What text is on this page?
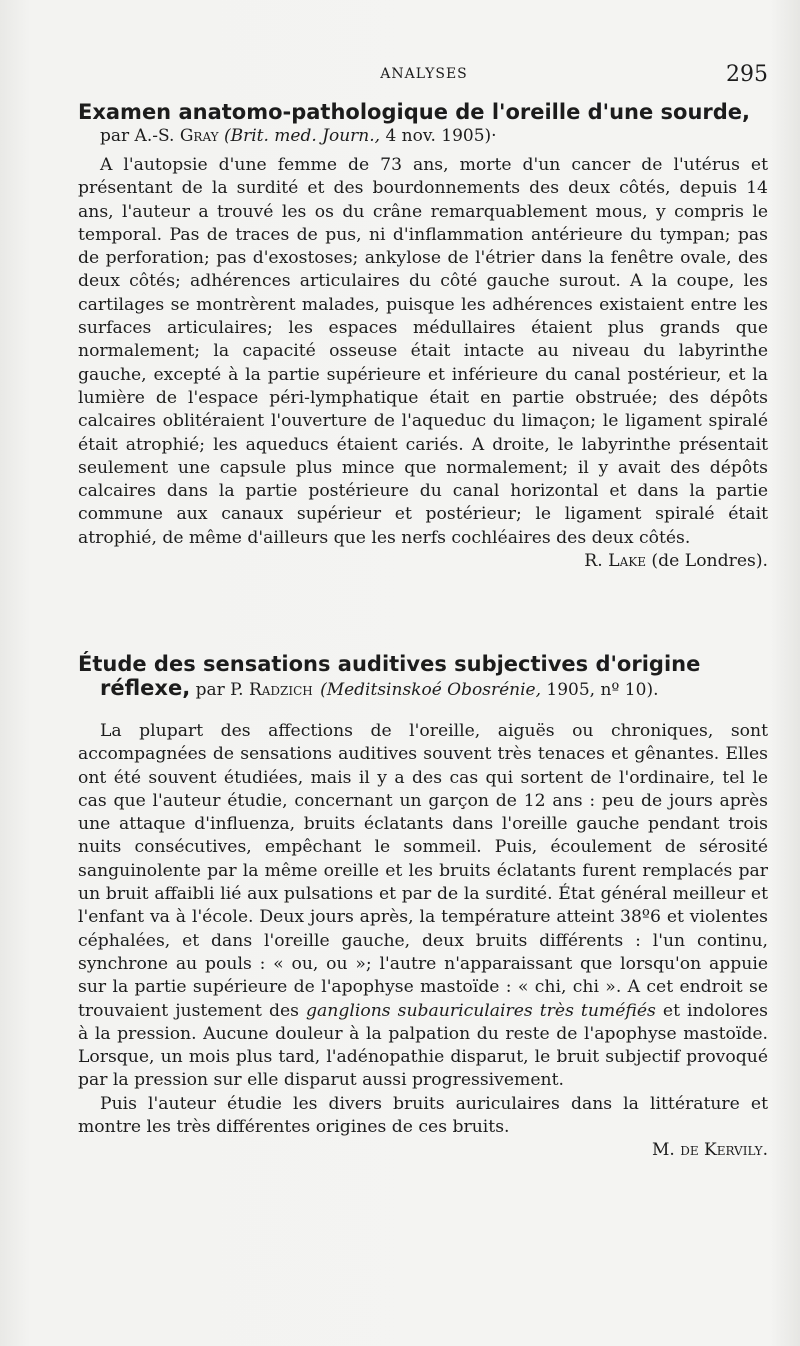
ANALYSES	295
Examen anatomo-pathologique de l'oreille d'une sourde,

par A.-S. Gray (Brit. med. Journ., 4 nov. 1905)·

A l'autopsie d'une femme de 73 ans, morte d'un cancer de l'utérus et présentant de la surdité et des bourdonnements des deux côtés, depuis 14 ans, l'auteur a trouvé les os du crâne remarquablement mous, y compris le temporal. Pas de traces de pus, ni d'inflammation antérieure du tympan; pas de perforation; pas d'exostoses; ankylose de l'étrier dans la fenêtre ovale, des deux côtés; adhérences articulaires du côté gauche surout. A la coupe, les cartilages se montrèrent malades, puisque les adhérences existaient entre les surfaces articulaires; les espaces médullaires étaient plus grands que normalement; la capacité osseuse était intacte au niveau du labyrinthe gauche, excepté à la partie supérieure et inférieure du canal postérieur, et la lumière de l'espace péri-lymphatique était en partie obstruée; des dépôts calcaires oblitéraient l'ouverture de l'aqueduc du limaçon; le ligament spiralé était atrophié; les aqueducs étaient cariés. A droite, le labyrinthe présentait seulement une capsule plus mince que normalement; il y avait des dépôts calcaires dans la partie postérieure du canal horizontal et dans la partie commune aux canaux supérieur et postérieur; le ligament spiralé était atrophié, de même d'ailleurs que les nerfs cochléaires des deux côtés.
R. Lake (de Londres).

Étude des sensations auditives subjectives d'origine
réflexe, par P. Radzich (Meditsinskoé Obosrénie, 1905, nº 10).

La plupart des affections de l'oreille, aiguës ou chroniques, sont accompagnées de sensations auditives souvent très tenaces et gênantes. Elles ont été souvent étudiées, mais il y a des cas qui sortent de l'ordinaire, tel le cas que l'auteur étudie, concernant un garçon de 12 ans : peu de jours après une attaque d'influenza, bruits éclatants dans l'oreille gauche pendant trois nuits consécutives, empêchant le sommeil. Puis, écoulement de sérosité sanguinolente par la même oreille et les bruits éclatants furent remplacés par un bruit affaibli lié aux pulsations et par de la surdité. État général meilleur et l'enfant va à l'école. Deux jours après, la température atteint 38º6 et violentes céphalées, et dans l'oreille gauche, deux bruits différents : l'un continu, synchrone au pouls : « ou, ou »; l'autre n'apparaissant que lorsqu'on appuie sur la partie supérieure de l'apophyse mastoïde : « chi, chi ». A cet endroit se trouvaient justement des ganglions subauriculaires très tuméfiés et indolores à la pression. Aucune douleur à la palpation du reste de l'apophyse mastoïde. Lorsque, un mois plus tard, l'adénopathie disparut, le bruit subjectif provoqué par la pression sur elle disparut aussi progressivement.

Puis l'auteur étudie les divers bruits auriculaires dans la littérature et montre les très différentes origines de ces bruits.

M. de Kervily.
